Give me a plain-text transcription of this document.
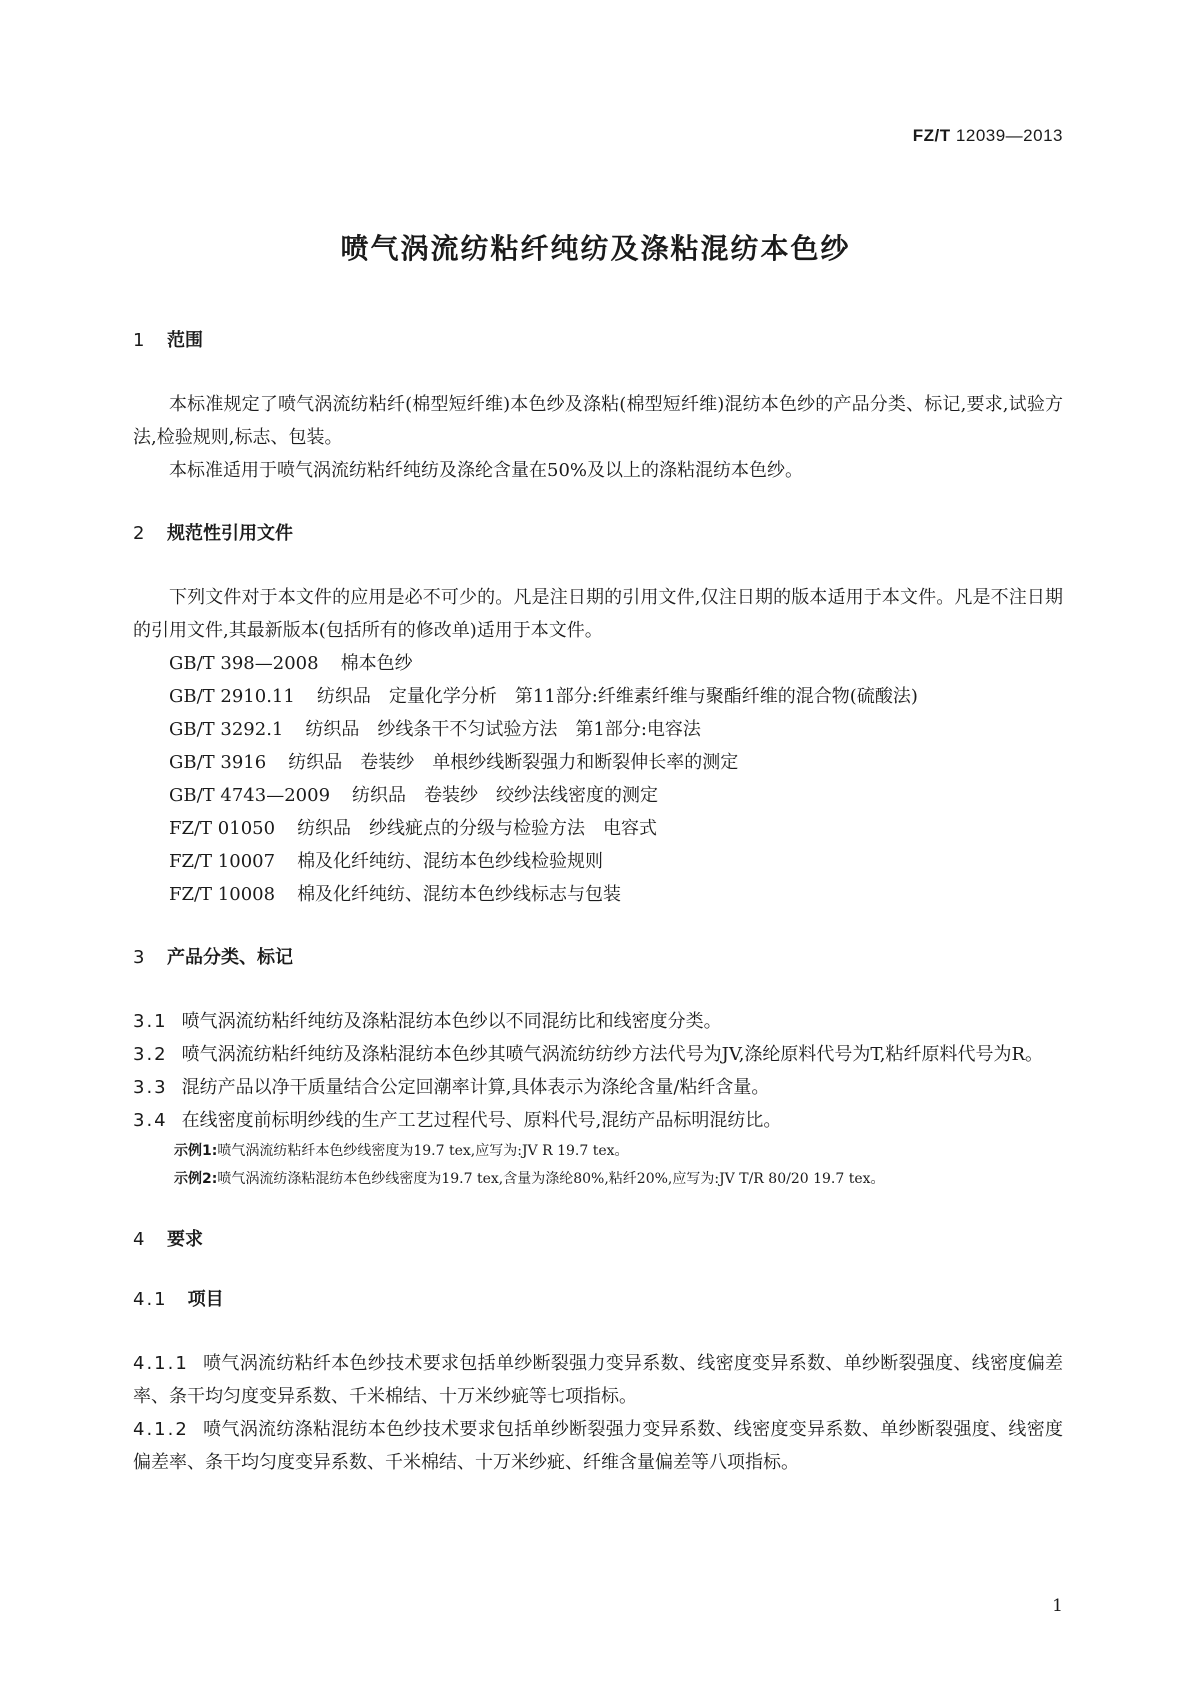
FZ/T 12039—2013
喷气涡流纺粘纤纯纺及涤粘混纺本色纱

1 范围

本标准规定了喷气涡流纺粘纤(棉型短纤维)本色纱及涤粘(棉型短纤维)混纺本色纱的产品分类、标记,要求,试验方法,检验规则,标志、包装。

本标准适用于喷气涡流纺粘纤纯纺及涤纶含量在50%及以上的涤粘混纺本色纱。

2 规范性引用文件

下列文件对于本文件的应用是必不可少的。凡是注日期的引用文件,仅注日期的版本适用于本文件。凡是不注日期的引用文件,其最新版本(包括所有的修改单)适用于本文件。

GB/T 398—2008 棉本色纱

GB/T 2910.11 纺织品　定量化学分析　第11部分:纤维素纤维与聚酯纤维的混合物(硫酸法)

GB/T 3292.1 纺织品　纱线条干不匀试验方法　第1部分:电容法

GB/T 3916 纺织品　卷装纱　单根纱线断裂强力和断裂伸长率的测定

GB/T 4743—2009 纺织品　卷装纱　绞纱法线密度的测定

FZ/T 01050 纺织品　纱线疵点的分级与检验方法　电容式

FZ/T 10007 棉及化纤纯纺、混纺本色纱线检验规则

FZ/T 10008 棉及化纤纯纺、混纺本色纱线标志与包装

3 产品分类、标记

3.1 喷气涡流纺粘纤纯纺及涤粘混纺本色纱以不同混纺比和线密度分类。

3.2 喷气涡流纺粘纤纯纺及涤粘混纺本色纱其喷气涡流纺纺纱方法代号为JV,涤纶原料代号为T,粘纤原料代号为R。

3.3 混纺产品以净干质量结合公定回潮率计算,具体表示为涤纶含量/粘纤含量。

3.4 在线密度前标明纱线的生产工艺过程代号、原料代号,混纺产品标明混纺比。

示例1:喷气涡流纺粘纤本色纱线密度为19.7 tex,应写为:JV R 19.7 tex。

示例2:喷气涡流纺涤粘混纺本色纱线密度为19.7 tex,含量为涤纶80%,粘纤20%,应写为:JV T/R 80/20 19.7 tex。

4 要求

4.1 项目

4.1.1 喷气涡流纺粘纤本色纱技术要求包括单纱断裂强力变异系数、线密度变异系数、单纱断裂强度、线密度偏差率、条干均匀度变异系数、千米棉结、十万米纱疵等七项指标。

4.1.2 喷气涡流纺涤粘混纺本色纱技术要求包括单纱断裂强力变异系数、线密度变异系数、单纱断裂强度、线密度偏差率、条干均匀度变异系数、千米棉结、十万米纱疵、纤维含量偏差等八项指标。

1
